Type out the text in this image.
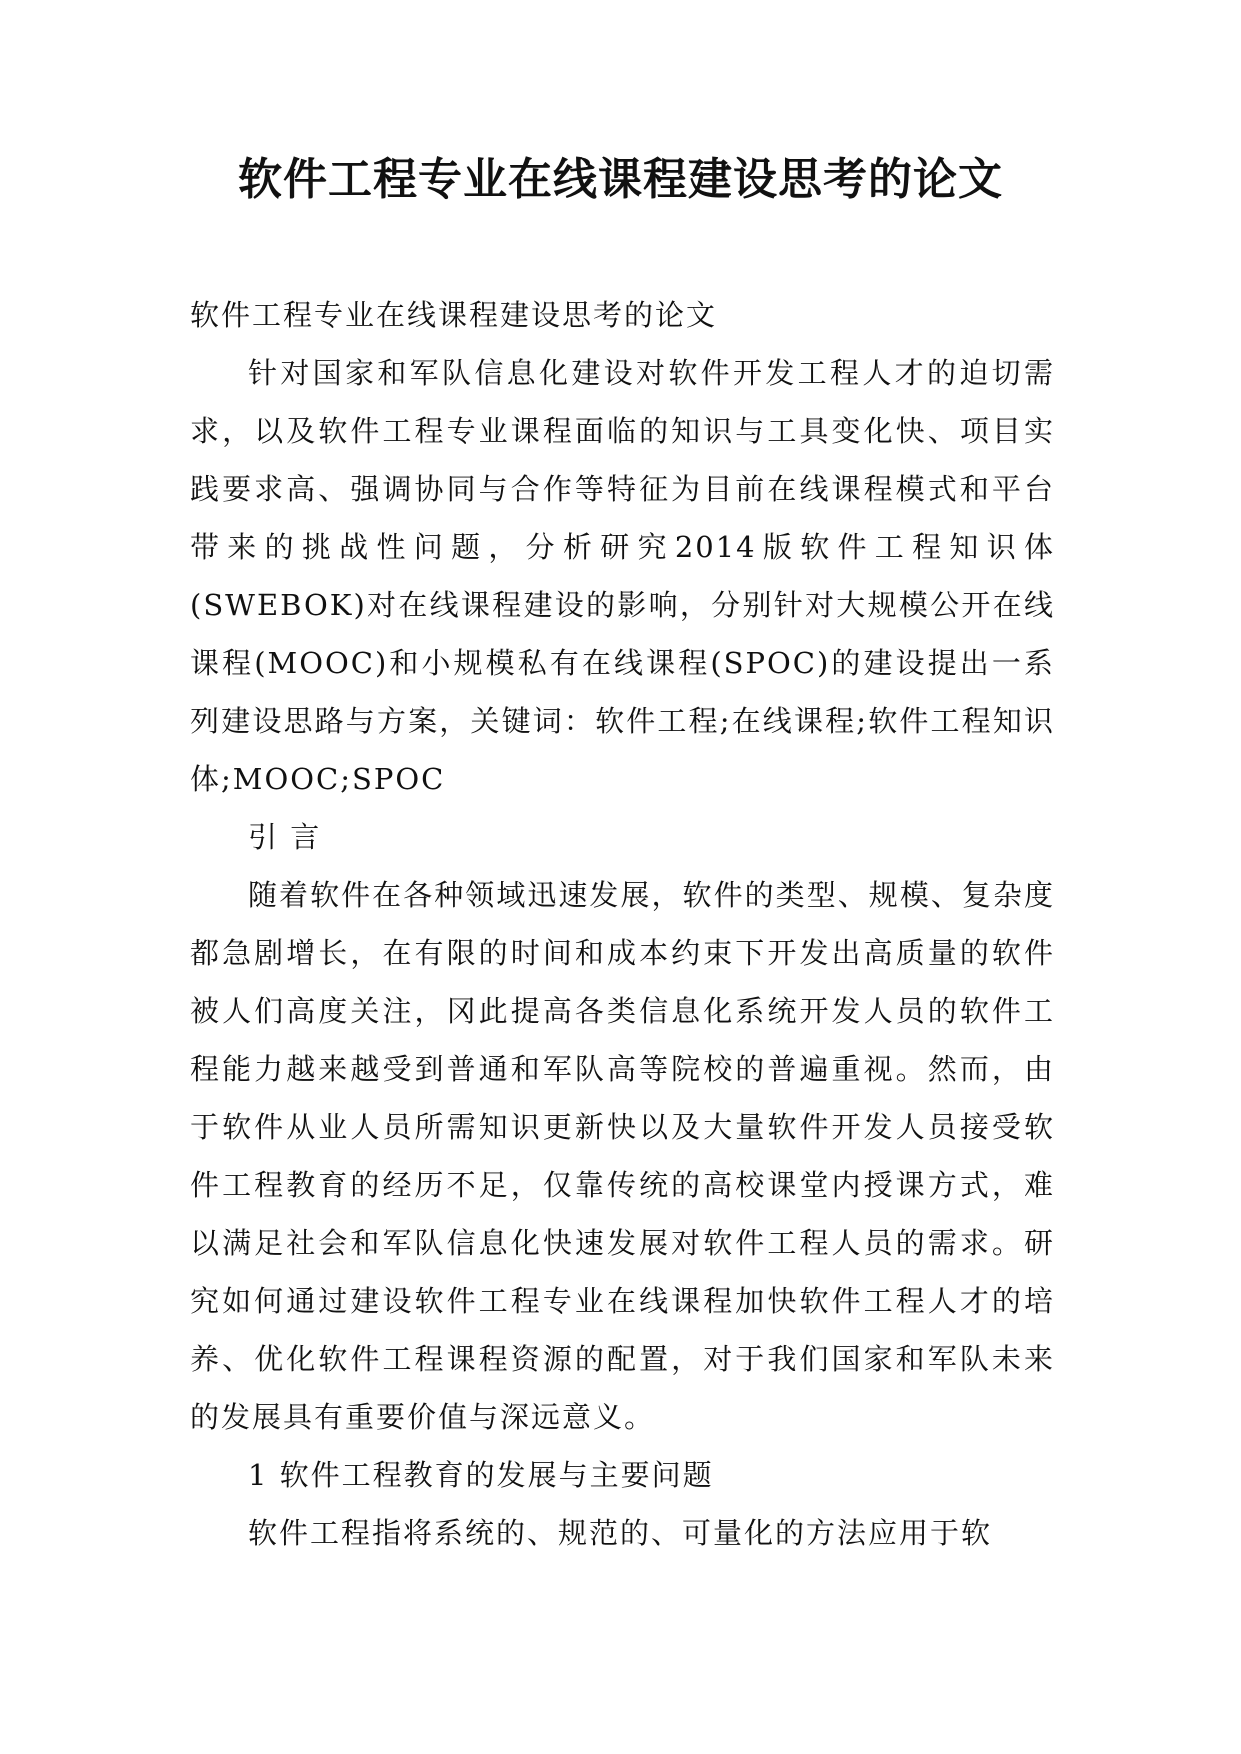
软件工程专业在线课程建设思考的论文

软件工程专业在线课程建设思考的论文

针对国家和军队信息化建设对软件开发工程人才的迫切需求，以及软件工程专业课程面临的知识与工具变化快、项目实践要求高、强调协同与合作等特征为目前在线课程模式和平台带来的挑战性问题，分析研究2014版软件工程知识体(SWEBOK)对在线课程建设的影响，分别针对大规模公开在线课程(MOOC)和小规模私有在线课程(SPOC)的建设提出一系列建设思路与方案，关键词：软件工程;在线课程;软件工程知识体;MOOC;SPOC

引 言

随着软件在各种领域迅速发展，软件的类型、规模、复杂度都急剧增长，在有限的时间和成本约束下开发出高质量的软件被人们高度关注，冈此提高各类信息化系统开发人员的软件工程能力越来越受到普通和军队高等院校的普遍重视。然而，由于软件从业人员所需知识更新快以及大量软件开发人员接受软件工程教育的经历不足，仅靠传统的高校课堂内授课方式，难以满足社会和军队信息化快速发展对软件工程人员的需求。研究如何通过建设软件工程专业在线课程加快软件工程人才的培养、优化软件工程课程资源的配置，对于我们国家和军队未来的发展具有重要价值与深远意义。

1 软件工程教育的发展与主要问题

软件工程指将系统的、规范的、可量化的方法应用于软
